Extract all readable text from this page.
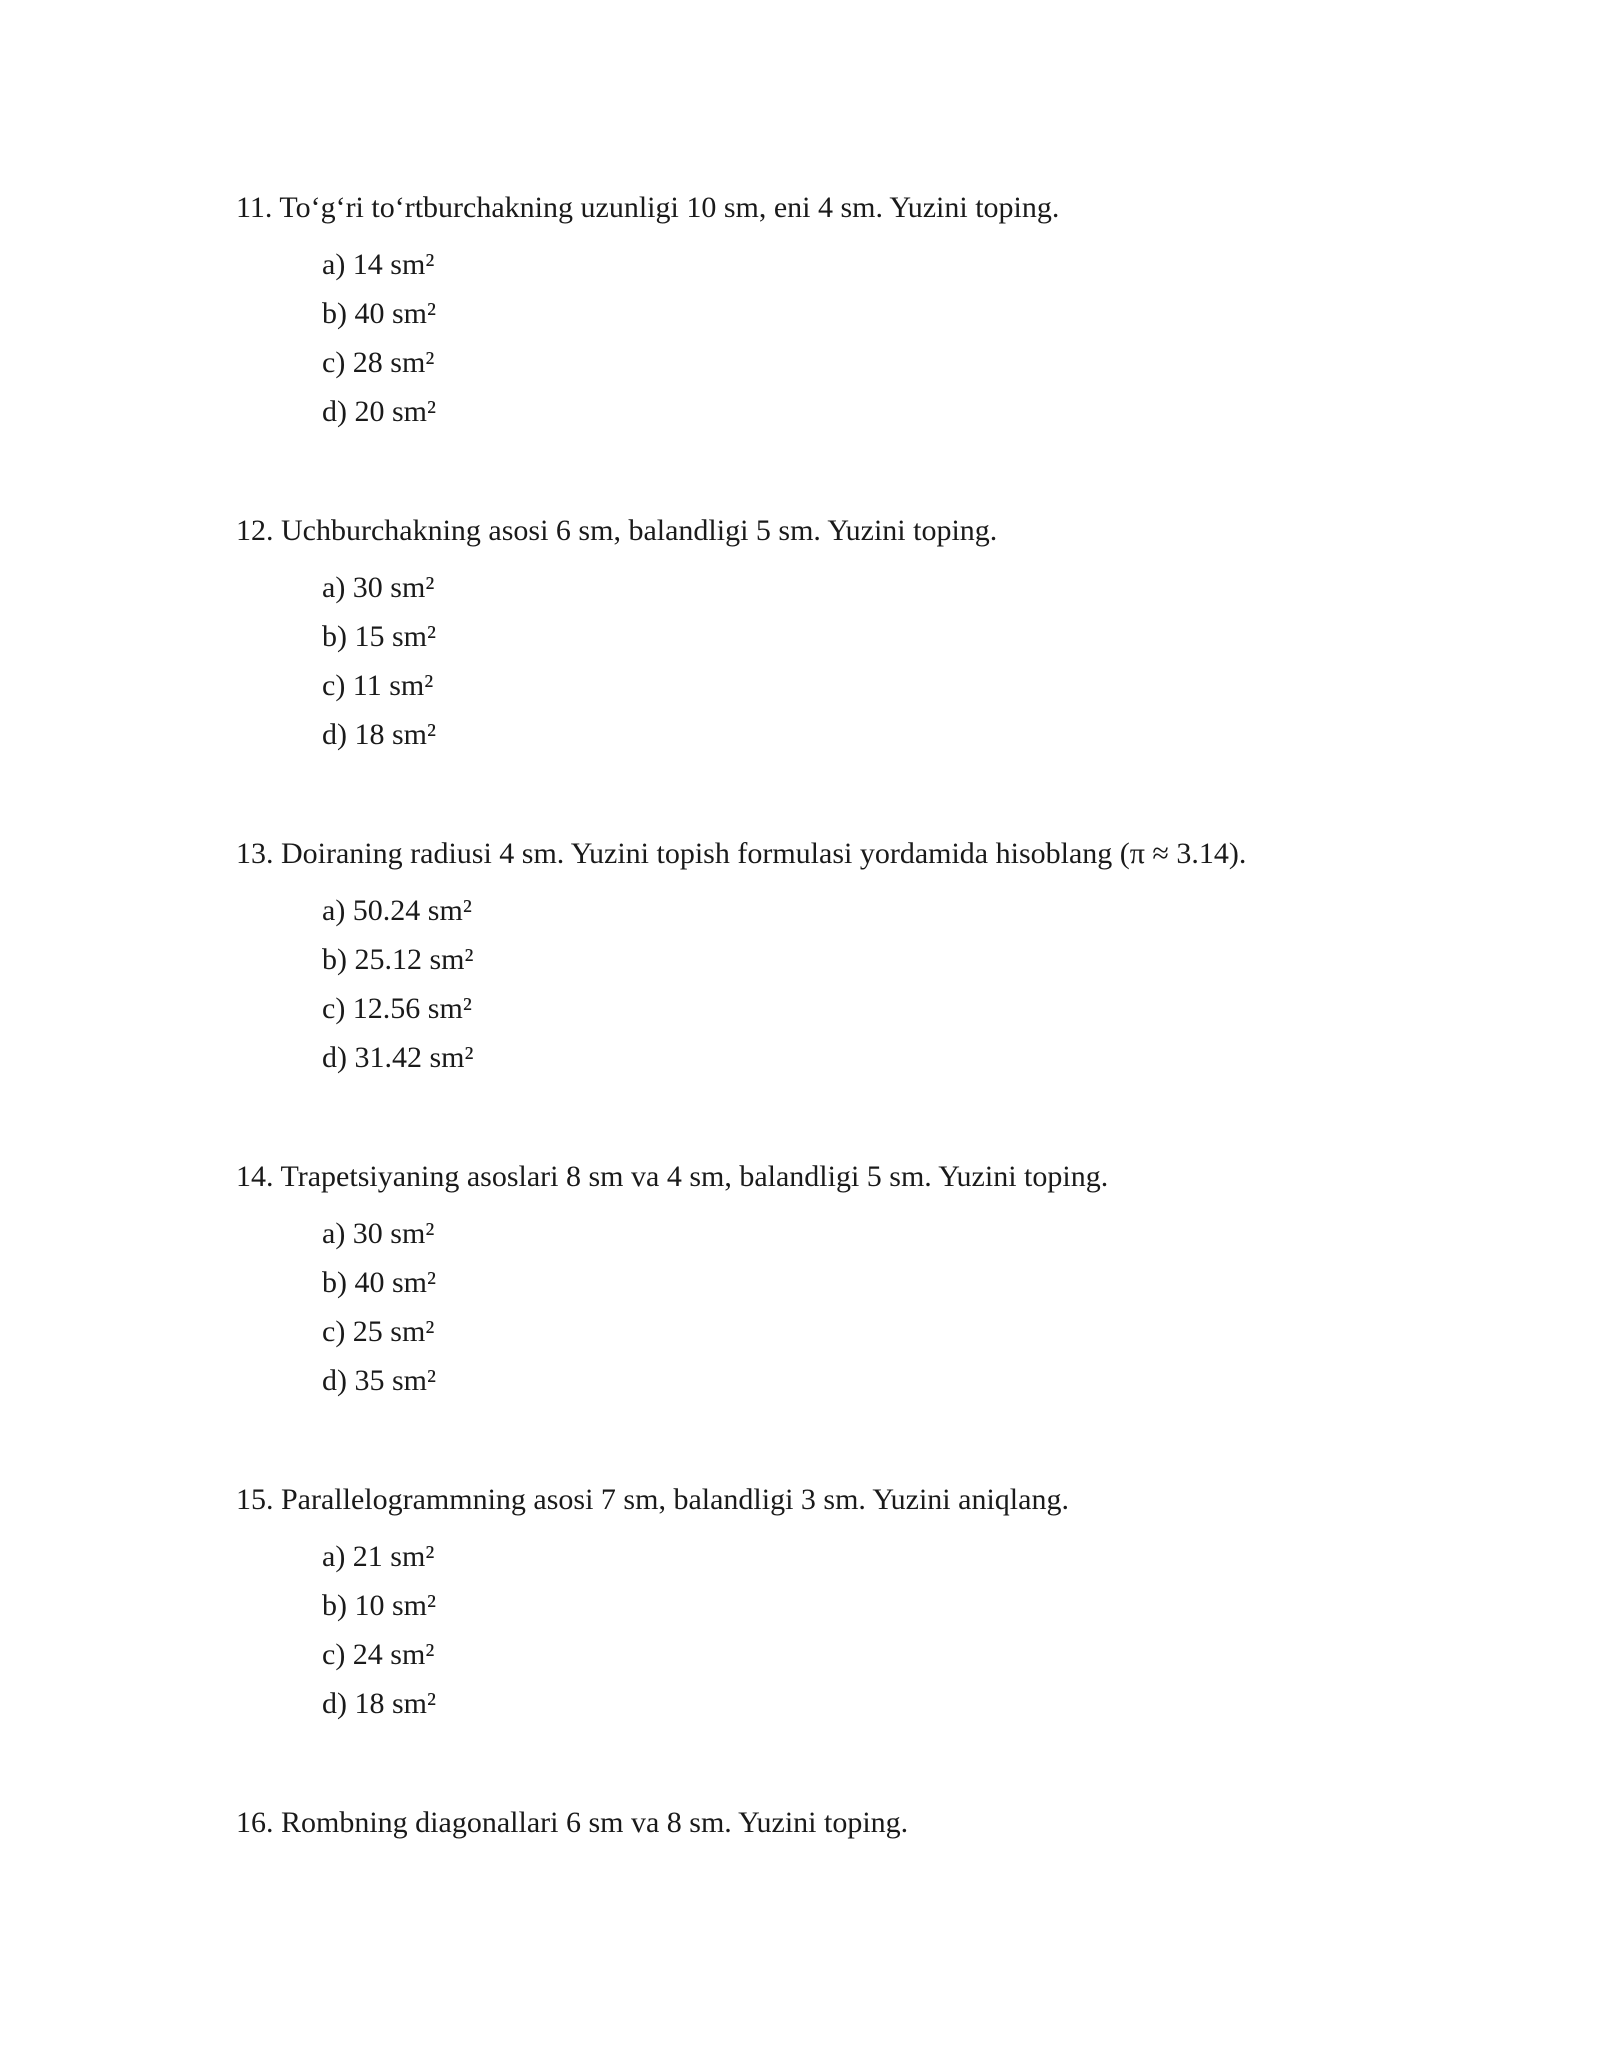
11. To‘g‘ri to‘rtburchakning uzunligi 10 sm, eni 4 sm. Yuzini toping.
a) 14 sm²
b) 40 sm²
c) 28 sm²
d) 20 sm²
12. Uchburchakning asosi 6 sm, balandligi 5 sm. Yuzini toping.
a) 30 sm²
b) 15 sm²
c) 11 sm²
d) 18 sm²
13. Doiraning radiusi 4 sm. Yuzini topish formulasi yordamida hisoblang (π ≈ 3.14).
a) 50.24 sm²
b) 25.12 sm²
c) 12.56 sm²
d) 31.42 sm²
14. Trapetsiyaning asoslari 8 sm va 4 sm, balandligi 5 sm. Yuzini toping.
a) 30 sm²
b) 40 sm²
c) 25 sm²
d) 35 sm²
15. Parallelogrammning asosi 7 sm, balandligi 3 sm. Yuzini aniqlang.
a) 21 sm²
b) 10 sm²
c) 24 sm²
d) 18 sm²
16. Rombning diagonallari 6 sm va 8 sm. Yuzini toping.
